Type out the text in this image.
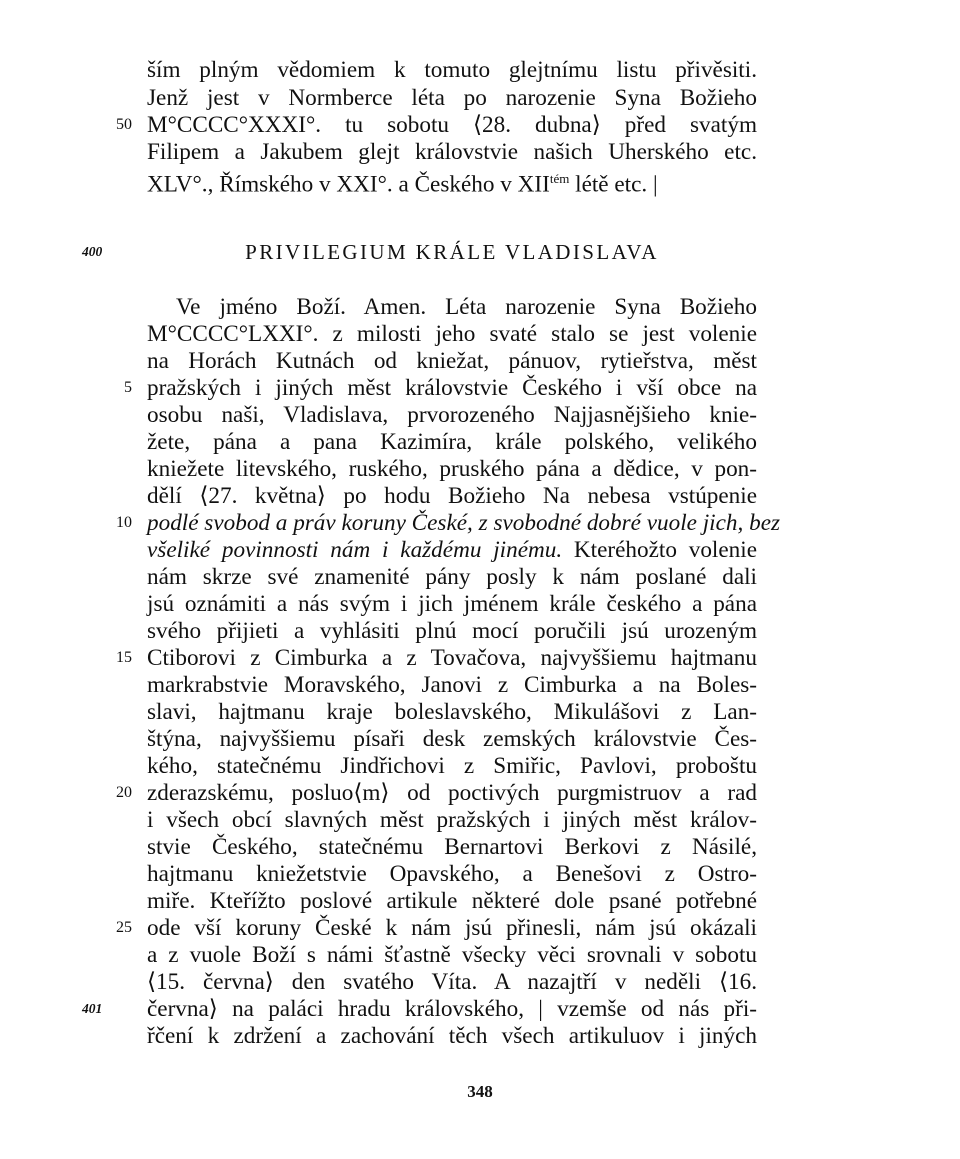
ším plným vědomiem k tomuto glejtnímu listu přivěsiti.
Jenž jest v Normberce léta po narozenie Syna Božieho
50 M°CCCC°XXXI°. tu sobotu ⟨28. dubna⟩ před svatým
Filipem a Jakubem glejt královstvie našich Uherského etc.
XLV°., Římského v XXI°. a Českého v $XII^{tém}$ létě etc. |
400	PRIVILEGIUM KRÁLE VLADISLAVA
Ve jméno Boží. Amen. Léta narozenie Syna Božieho
M°CCCC°LXXI°. z milosti jeho svaté stalo se jest volenie
na Horách Kutnách od kniežat, pánuov, rytieřstva, měst
5 pražských i jiných měst královstvie Českého i vší obce na
osobu naši, Vladislava, prvorozeného Najjasnějšieho knie-
žete, pána a pana Kazimíra, krále polského, velikého
kniežete litevského, ruského, pruského pána a dědice, v pon-
dělí ⟨27. května⟩ po hodu Božieho Na nebesa vstúpenie
10 podlé svobod a práv koruny České, z svobodné dobré vuole jich, bez
všeliké povinnosti nám i každému jinému. Kteréhožto volenie
nám skrze své znamenité pány posly k nám poslané dali
jsú oznámiti a nás svým i jich jménem krále českého a pána
svého přijieti a vyhlásiti plnú mocí poručili jsú urozeným
15 Ctiborovi z Cimburka a z Tovačova, najvyššiemu hajtmanu
markrabstvie Moravského, Janovi z Cimburka a na Boles-
slavi, hajtmanu kraje boleslavského, Mikulášovi z Lan-
štýna, najvyššiemu písaři desk zemských královstvie Čes-
kého, statečnému Jindřichovi z Smiřic, Pavlovi, proboštu
20 zderazskému, posluo⟨m⟩ od poctivých purgmistruov a rad
i všech obcí slavných měst pražských i jiných měst králov-
stvie Českého, statečnému Bernartovi Berkovi z Násilé,
hajtmanu kniežetstvie Opavského, a Benešovi z Ostro-
miře. Kteřížto poslové artikule některé dole psané potřebné
25 ode vší koruny České k nám jsú přinesli, nám jsú okázali
a z vuole Boží s námi šťastně všecky věci srovnali v sobotu
⟨15. června⟩ den svatého Víta. A nazajtří v neděli ⟨16.
401 června⟩ na paláci hradu královského, | vzemše od nás při-
řčení k zdržení a zachování těch všech artikuluov i jiných
348
